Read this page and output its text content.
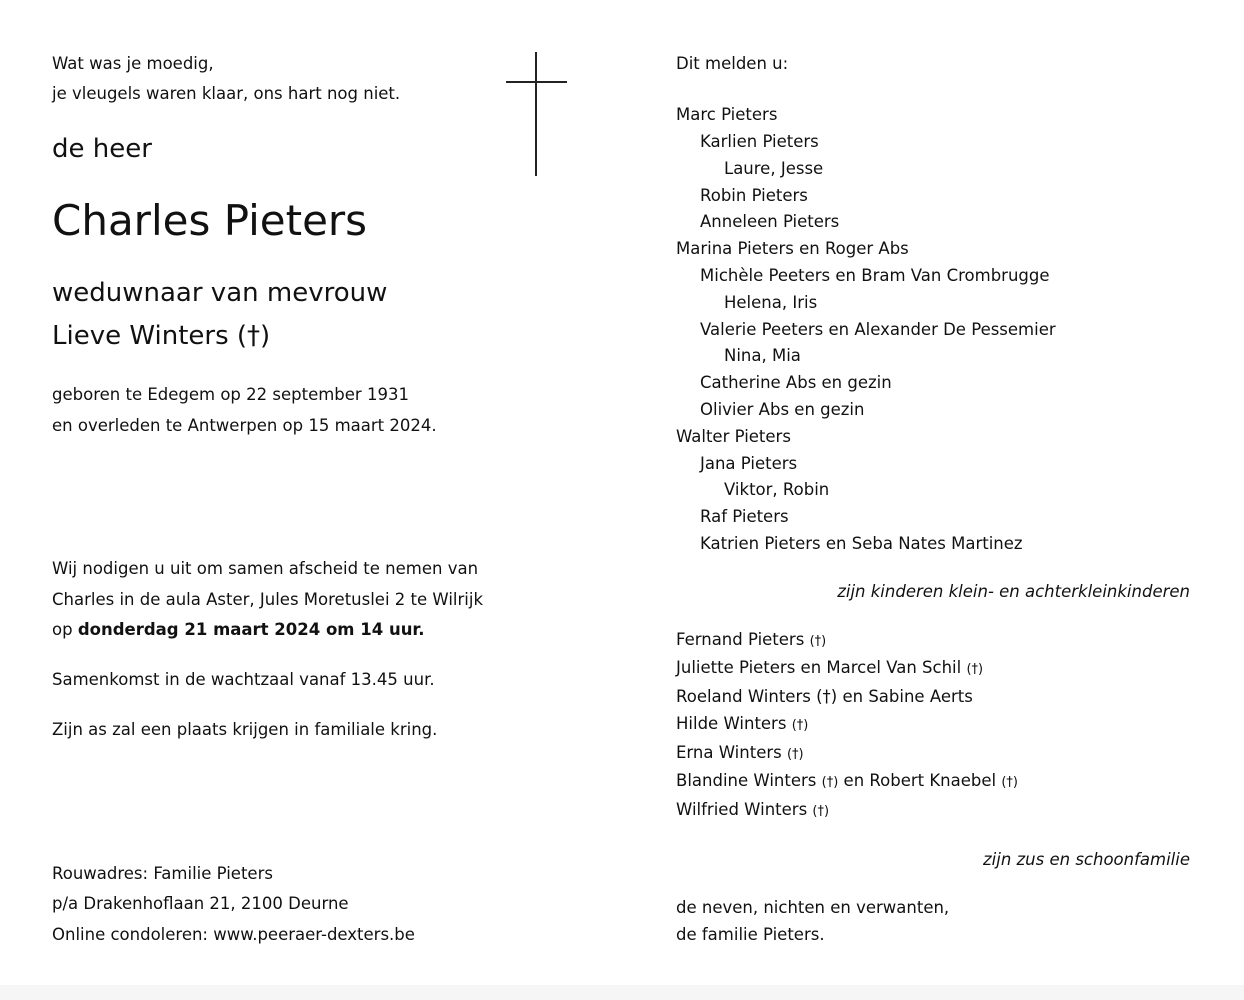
Wat was je moedig,
je vleugels waren klaar, ons hart nog niet.
de heer
Charles Pieters
weduwnaar van mevrouw
Lieve Winters (†)
geboren te Edegem op 22 september 1931
en overleden te Antwerpen op 15 maart 2024.
Wij nodigen u uit om samen afscheid te nemen van
Charles in de aula Aster, Jules Moretuslei 2 te Wilrijk
op donderdag 21 maart 2024 om 14 uur.
Samenkomst in de wachtzaal vanaf 13.45 uur.
Zijn as zal een plaats krijgen in familiale kring.
Rouwadres: Familie Pieters
p/a Drakenhoflaan 21, 2100 Deurne
Online condoleren: www.peeraer-dexters.be
Dit melden u:
Marc Pieters
Karlien Pieters
Laure, Jesse
Robin Pieters
Anneleen Pieters
Marina Pieters en Roger Abs
Michèle Peeters en Bram Van Crombrugge
Helena, Iris
Valerie Peeters en Alexander De Pessemier
Nina, Mia
Catherine Abs en gezin
Olivier Abs en gezin
Walter Pieters
Jana Pieters
Viktor, Robin
Raf Pieters
Katrien Pieters en Seba Nates Martinez
zijn kinderen klein- en achterkleinkinderen
Fernand Pieters (†)
Juliette Pieters en Marcel Van Schil (†)
Roeland Winters (†) en Sabine Aerts
Hilde Winters (†)
Erna Winters (†)
Blandine Winters (†) en Robert Knaebel (†)
Wilfried Winters (†)
zijn zus en schoonfamilie
de neven, nichten en verwanten,
de familie Pieters.
